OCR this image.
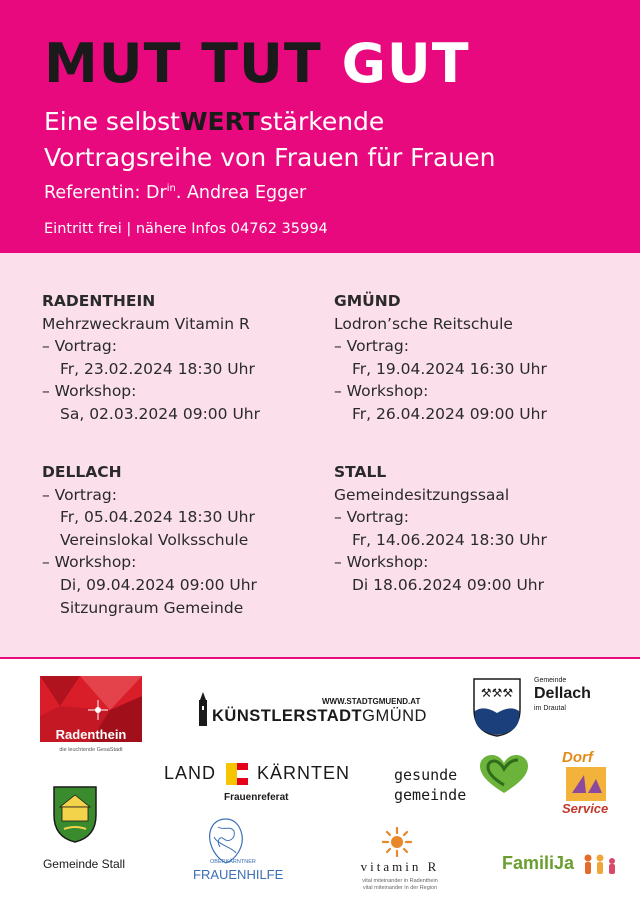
MUT TUT GUT
Eine selbstWERTstärkende
Vortragsreihe von Frauen für Frauen
Referentin: $Dr^{in}$. Andrea Egger
Eintritt frei | nähere Infos 04762 35994
RADENTHEIN
Mehrzweckraum Vitamin R
– Vortrag:
Fr, 23.02.2024 18:30 Uhr
– Workshop:
Sa, 02.03.2024 09:00 Uhr
GMÜND
Lodron’sche Reitschule
– Vortrag:
Fr, 19.04.2024 16:30 Uhr
– Workshop:
Fr, 26.04.2024 09:00 Uhr
DELLACH
– Vortrag:
Fr, 05.04.2024 18:30 Uhr
Vereinslokal Volksschule
– Workshop:
Di, 09.04.2024 09:00 Uhr
Sitzungraum Gemeinde
STALL
Gemeindesitzungssaal
– Vortrag:
Fr, 14.06.2024 18:30 Uhr
– Workshop:
Di 18.06.2024 09:00 Uhr
Radenthein
die leuchtende GesaStadt
WWW.STADTGMUEND.AT
KÜNSTLERSTADTGMÜND
⚒⚒⚒
Gemeinde
Dellach
im Drautal
LAND KÄRNTEN
Frauenreferat
gesunde
gemeinde
Dorf
Service
Gemeinde Stall	OBERKÄRNTNER
FRAUENHILFE
vitamin R
vital miteinander in Radenthein
vital miteinander in der Region
FamiliJa
